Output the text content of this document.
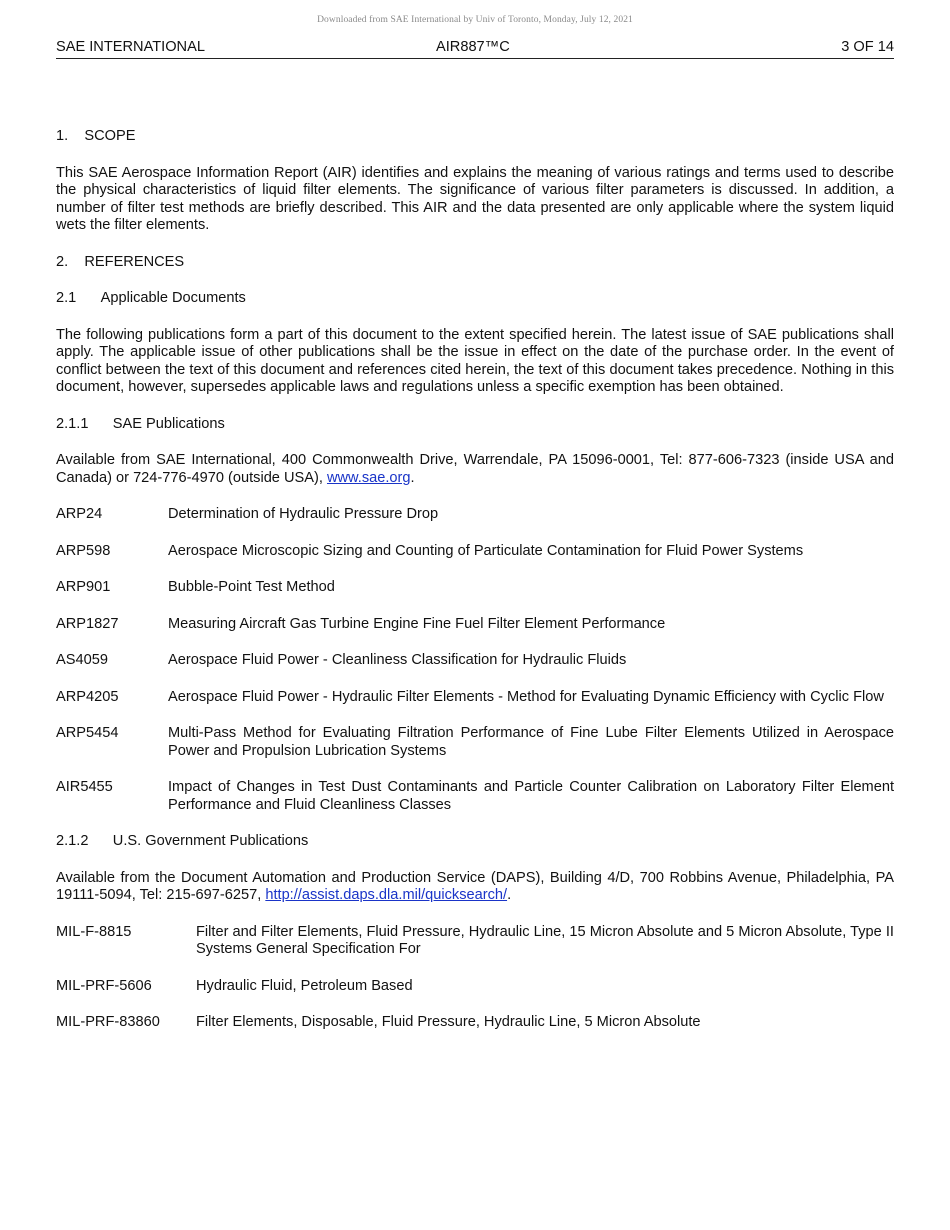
Downloaded from SAE International by Univ of Toronto, Monday, July 12, 2021
SAE INTERNATIONAL	AIR887™C	3 OF 14

1. SCOPE

This SAE Aerospace Information Report (AIR) identifies and explains the meaning of various ratings and terms used to describe the physical characteristics of liquid filter elements. The significance of various filter parameters is discussed. In addition, a number of filter test methods are briefly described. This AIR and the data presented are only applicable where the system liquid wets the filter elements.

2. REFERENCES

2.1 Applicable Documents

The following publications form a part of this document to the extent specified herein. The latest issue of SAE publications shall apply. The applicable issue of other publications shall be the issue in effect on the date of the purchase order. In the event of conflict between the text of this document and references cited herein, the text of this document takes precedence. Nothing in this document, however, supersedes applicable laws and regulations unless a specific exemption has been obtained.

2.1.1 SAE Publications

Available from SAE International, 400 Commonwealth Drive, Warrendale, PA 15096-0001, Tel: 877-606-7323 (inside USA and Canada) or 724-776-4970 (outside USA), www.sae.org.

ARP24	Determination of Hydraulic Pressure Drop
ARP598	Aerospace Microscopic Sizing and Counting of Particulate Contamination for Fluid Power Systems
ARP901	Bubble-Point Test Method
ARP1827	Measuring Aircraft Gas Turbine Engine Fine Fuel Filter Element Performance
AS4059	Aerospace Fluid Power - Cleanliness Classification for Hydraulic Fluids
ARP4205	Aerospace Fluid Power - Hydraulic Filter Elements - Method for Evaluating Dynamic Efficiency with Cyclic Flow
ARP5454	Multi-Pass Method for Evaluating Filtration Performance of Fine Lube Filter Elements Utilized in Aerospace Power and Propulsion Lubrication Systems
AIR5455	Impact of Changes in Test Dust Contaminants and Particle Counter Calibration on Laboratory Filter Element Performance and Fluid Cleanliness Classes

2.1.2 U.S. Government Publications

Available from the Document Automation and Production Service (DAPS), Building 4/D, 700 Robbins Avenue, Philadelphia, PA 19111-5094, Tel: 215-697-6257, http://assist.daps.dla.mil/quicksearch/.

MIL-F-8815	Filter and Filter Elements, Fluid Pressure, Hydraulic Line, 15 Micron Absolute and 5 Micron Absolute, Type II Systems General Specification For
MIL-PRF-5606	Hydraulic Fluid, Petroleum Based
MIL-PRF-83860	Filter Elements, Disposable, Fluid Pressure, Hydraulic Line, 5 Micron Absolute
